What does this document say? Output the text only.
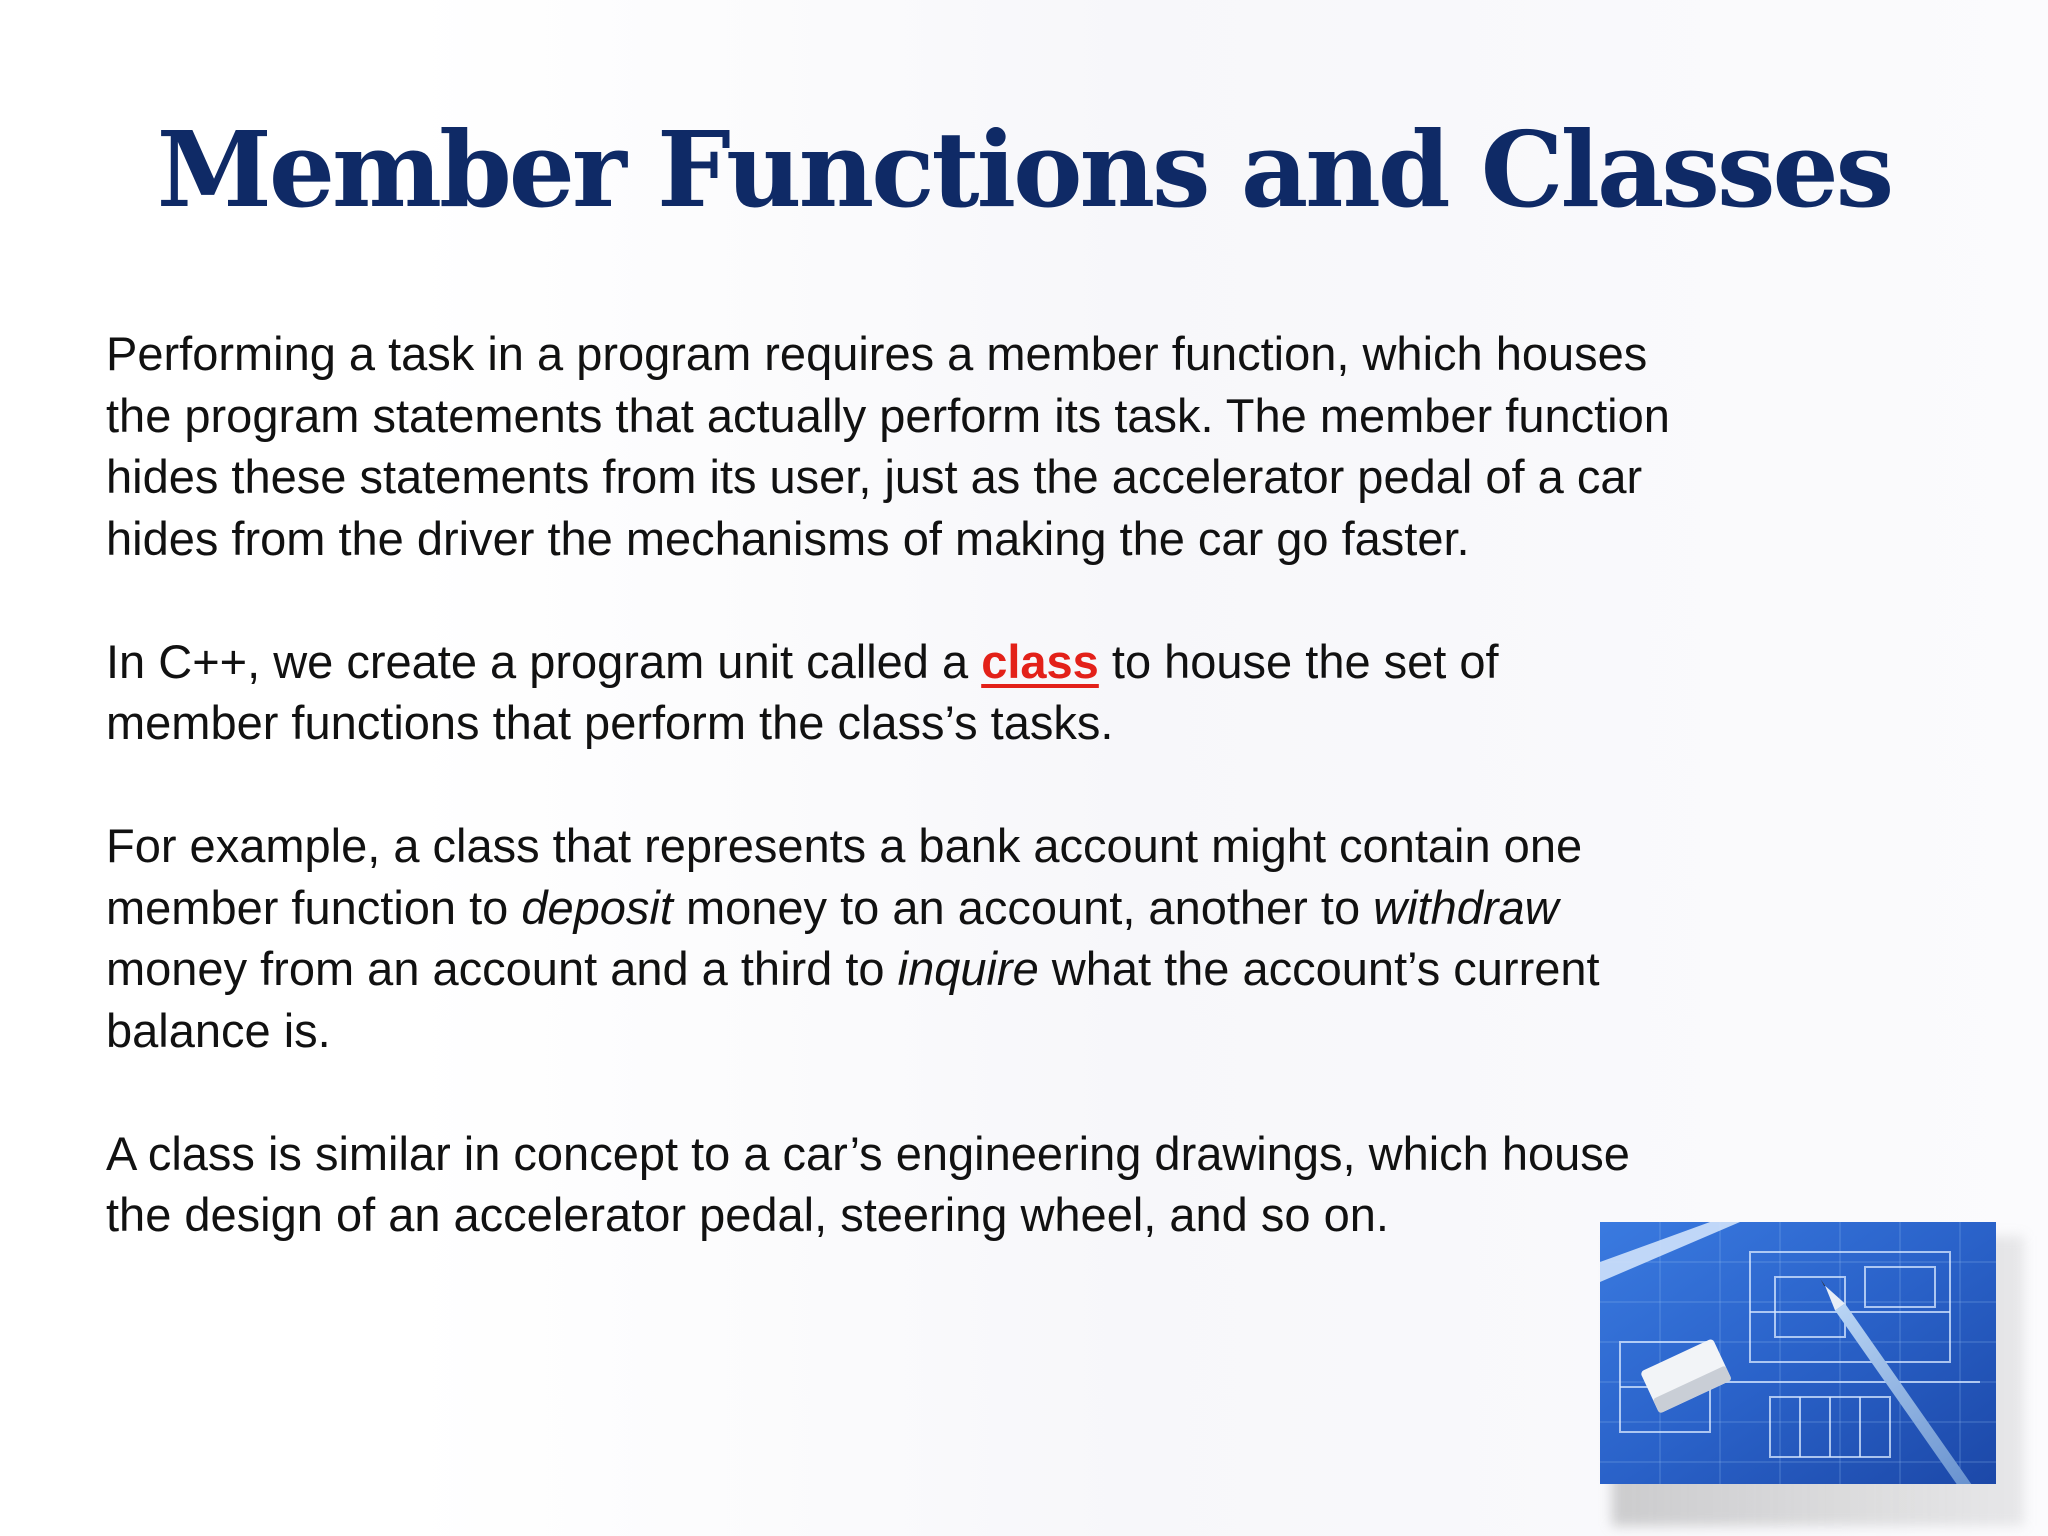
Member Functions and Classes

Performing a task in a program requires a member function, which houses
the program statements that actually perform its task. The member function
hides these statements from its user, just as the accelerator pedal of a car
hides from the driver the mechanisms of making the car go faster.

In C++, we create a program unit called a class to house the set of
member functions that perform the class’s tasks.

For example, a class that represents a bank account might contain one
member function to deposit money to an account, another to withdraw
money from an account and a third to inquire what the account’s current
balance is.

A class is similar in concept to a car’s engineering drawings, which house
the design of an accelerator pedal, steering wheel, and so on.
